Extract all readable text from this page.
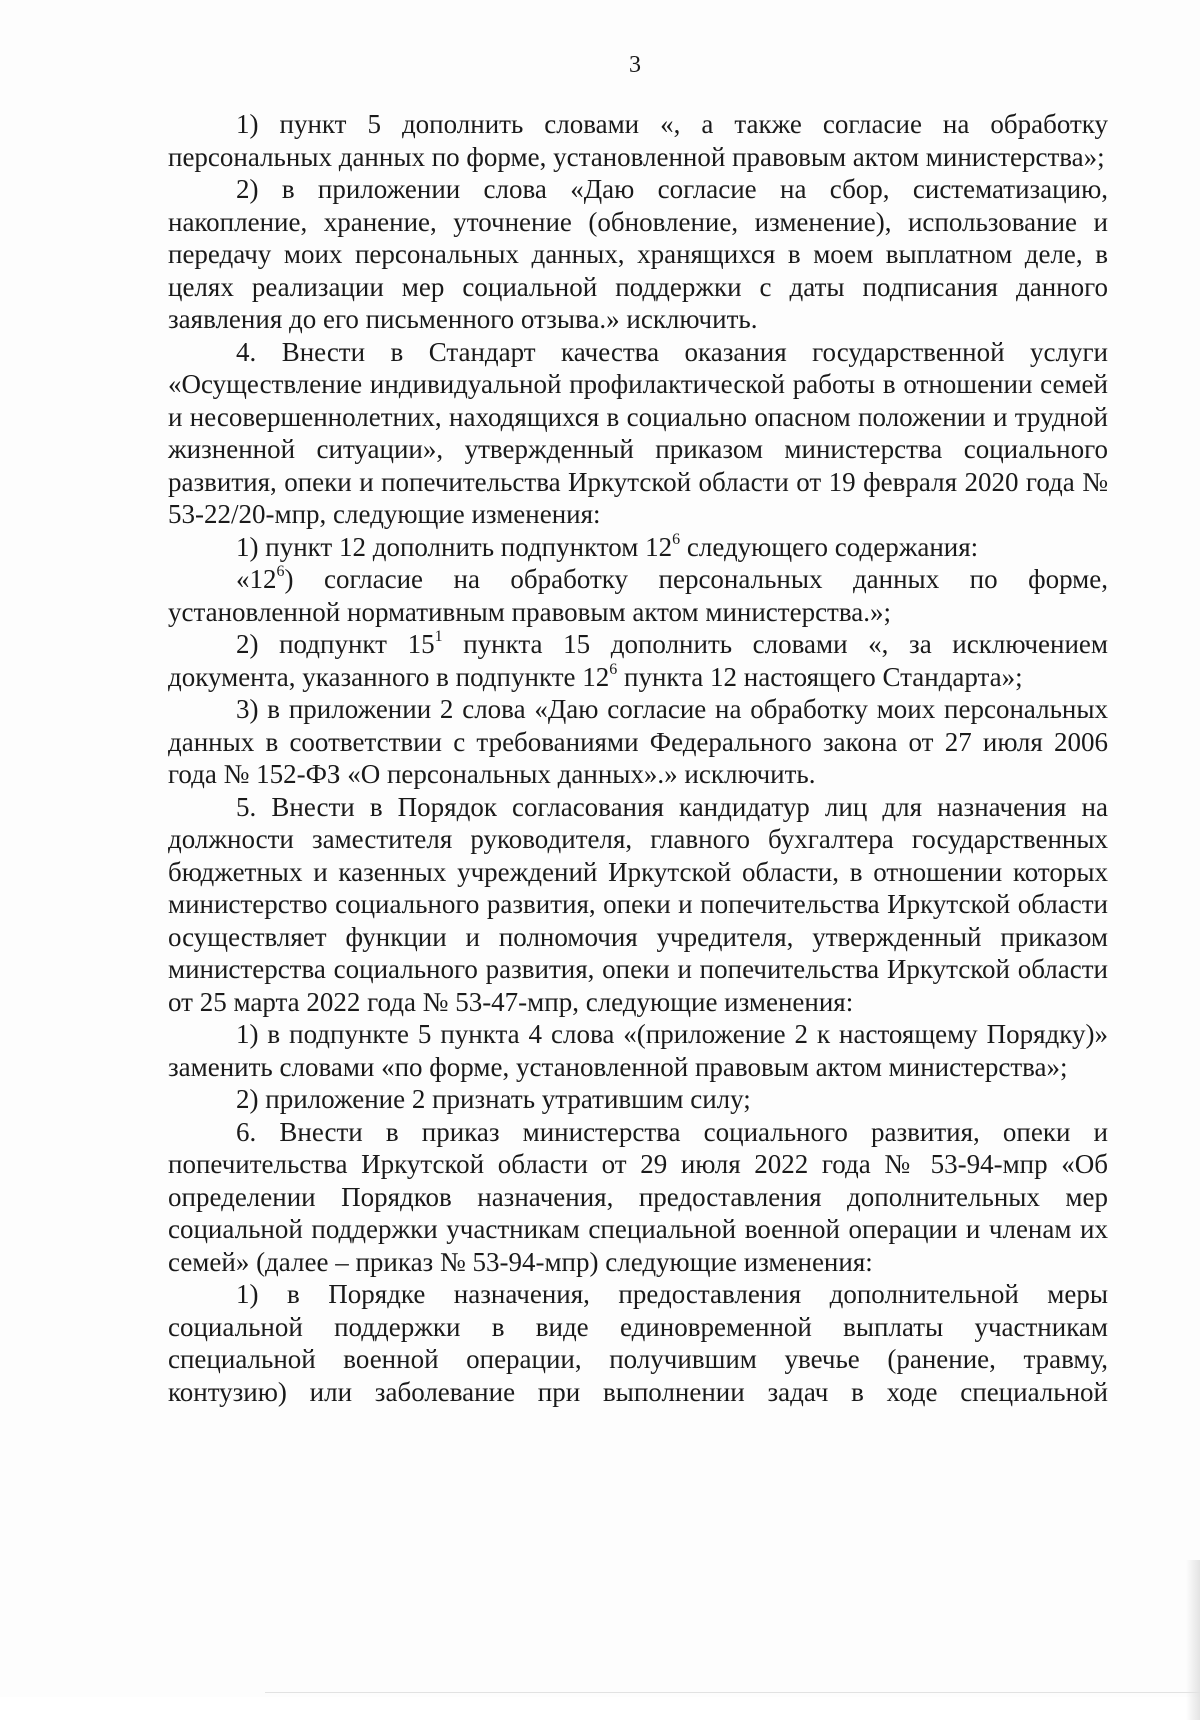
3

1) пункт 5 дополнить словами «, а также согласие на обработку персональных данных по форме, установленной правовым актом министерства»;

2) в приложении слова «Даю согласие на сбор, систематизацию, накопление, хранение, уточнение (обновление, изменение), использование и передачу моих персональных данных, хранящихся в моем выплатном деле, в целях реализации мер социальной поддержки с даты подписания данного заявления до его письменного отзыва.» исключить.

4. Внести в Стандарт качества оказания государственной услуги «Осуществление индивидуальной профилактической работы в отношении семей и несовершеннолетних, находящихся в социально опасном положении и трудной жизненной ситуации», утвержденный приказом министерства социального развития, опеки и попечительства Иркутской области от 19 февраля 2020 года № 53-22/20-мпр, следующие изменения:

1) пункт 12 дополнить подпунктом $12^6$ следующего содержания:

«$12^6$) согласие на обработку персональных данных по форме, установленной нормативным правовым актом министерства.»;

2) подпункт $15^1$ пункта 15 дополнить словами «, за исключением документа, указанного в подпункте $12^6$ пункта 12 настоящего Стандарта»;

3) в приложении 2 слова «Даю согласие на обработку моих персональных данных в соответствии с требованиями Федерального закона от 27 июля 2006 года № 152-ФЗ «О персональных данных».» исключить.

5. Внести в Порядок согласования кандидатур лиц для назначения на должности заместителя руководителя, главного бухгалтера государственных бюджетных и казенных учреждений Иркутской области, в отношении которых министерство социального развития, опеки и попечительства Иркутской области осуществляет функции и полномочия учредителя, утвержденный приказом министерства социального развития, опеки и попечительства Иркутской области от 25 марта 2022 года № 53-47-мпр, следующие изменения:

1) в подпункте 5 пункта 4 слова «(приложение 2 к настоящему Порядку)» заменить словами «по форме, установленной правовым актом министерства»;

2) приложение 2 признать утратившим силу;

6. Внести в приказ министерства социального развития, опеки и попечительства Иркутской области от 29 июля 2022 года № 53-94-мпр «Об определении Порядков назначения, предоставления дополнительных мер социальной поддержки участникам специальной военной операции и членам их семей» (далее – приказ № 53-94-мпр) следующие изменения:

1) в Порядке назначения, предоставления дополнительной меры социальной поддержки в виде единовременной выплаты участникам специальной военной операции, получившим увечье (ранение, травму, контузию) или заболевание при выполнении задач в ходе специальной
